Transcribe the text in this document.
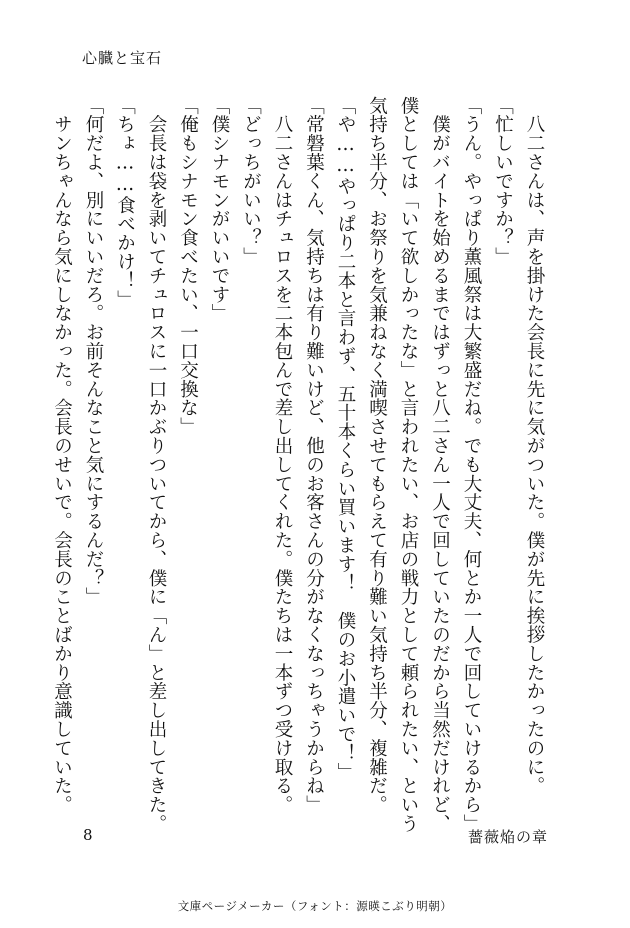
心臓と宝石
　八二さんは、声を掛けた会長に先に気がついた。僕が先に挨拶したかったのに。
「忙しいですか？」
「うん。やっぱり薫風祭は大繁盛だね。でも大丈夫、何とか一人で回していけるから」
　僕がバイトを始めるまではずっと八二さん一人で回していたのだから当然だけれど、
僕としては「いて欲しかったな」と言われたい、お店の戦力として頼られたい、という
気持ち半分、お祭りを気兼ねなく満喫させてもらえて有り難い気持ち半分、複雑だ。
「や……やっぱり二本と言わず、五十本くらい買います！　僕のお小遣いで！」
「常磐葉くん、気持ちは有り難いけど、他のお客さんの分がなくなっちゃうからね」
　八二さんはチュロスを二本包んで差し出してくれた。僕たちは一本ずつ受け取る。
「どっちがいい？」
「僕シナモンがいいです」
「俺もシナモン食べたい、一口交換な」
　会長は袋を剥いてチュロスに一口かぶりついてから、僕に「ん」と差し出してきた。
「ちょ……食べかけ！」
「何だよ、別にいいだろ。お前そんなこと気にするんだ？」
　サンちゃんなら気にしなかった。会長のせいで。会長のことばかり意識していた。
8	薔薇焔の章
文庫ページメーカー（フォント：源暎こぶり明朝）
